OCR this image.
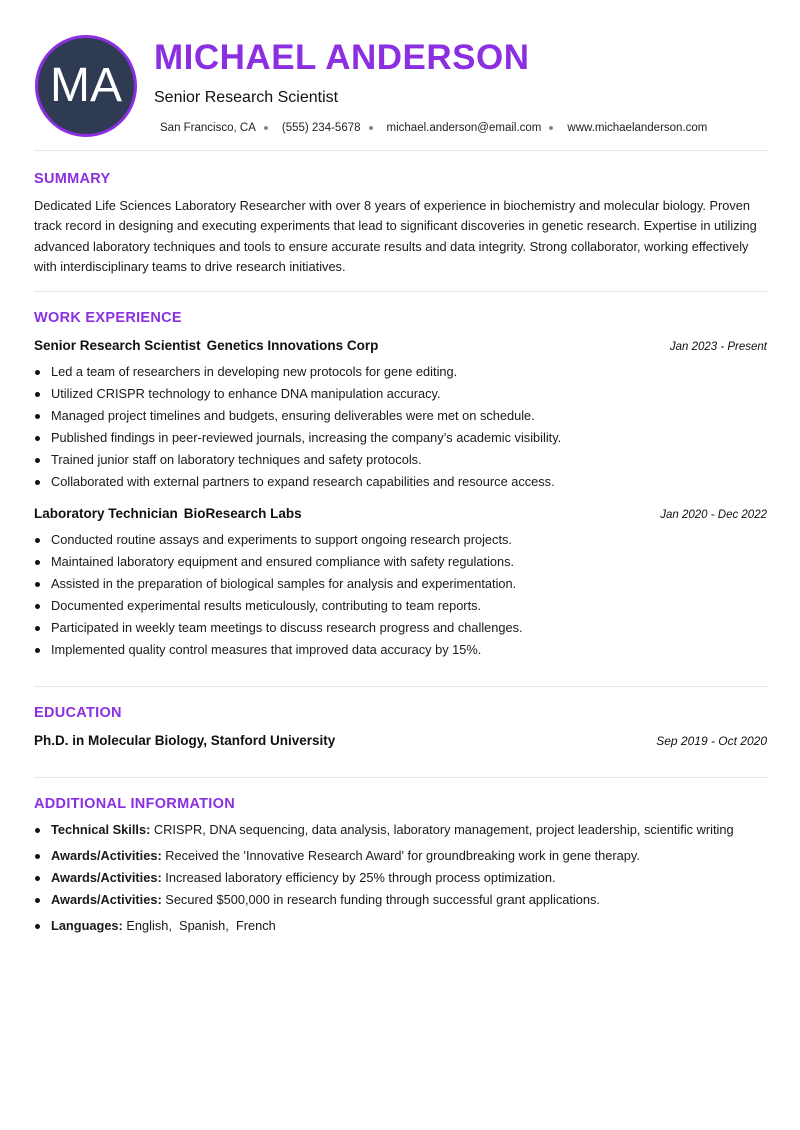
MA
MICHAEL ANDERSON
Senior Research Scientist
San Francisco, CA (555) 234-5678 michael.anderson@email.com www.michaelanderson.com
SUMMARY
Dedicated Life Sciences Laboratory Researcher with over 8 years of experience in biochemistry and molecular biology. Proven track record in designing and executing experiments that lead to significant discoveries in genetic research. Expertise in utilizing advanced laboratory techniques and tools to ensure accurate results and data integrity. Strong collaborator, working effectively with interdisciplinary teams to drive research initiatives.
WORK EXPERIENCE
Senior Research Scientist Genetics Innovations Corp	Jan 2023 - Present
Led a team of researchers in developing new protocols for gene editing.
Utilized CRISPR technology to enhance DNA manipulation accuracy.
Managed project timelines and budgets, ensuring deliverables were met on schedule.
Published findings in peer-reviewed journals, increasing the company’s academic visibility.
Trained junior staff on laboratory techniques and safety protocols.
Collaborated with external partners to expand research capabilities and resource access.
Laboratory Technician BioResearch Labs	Jan 2020 - Dec 2022
Conducted routine assays and experiments to support ongoing research projects.
Maintained laboratory equipment and ensured compliance with safety regulations.
Assisted in the preparation of biological samples for analysis and experimentation.
Documented experimental results meticulously, contributing to team reports.
Participated in weekly team meetings to discuss research progress and challenges.
Implemented quality control measures that improved data accuracy by 15%.
EDUCATION
Ph.D. in Molecular Biology, Stanford University	Sep 2019 - Oct 2020
ADDITIONAL INFORMATION
Technical Skills: CRISPR, DNA sequencing, data analysis, laboratory management, project leadership, scientific writing
Awards/Activities: Received the 'Innovative Research Award' for groundbreaking work in gene therapy.
Awards/Activities: Increased laboratory efficiency by 25% through process optimization.
Awards/Activities: Secured $500,000 in research funding through successful grant applications.
Languages: English,  Spanish,  French
